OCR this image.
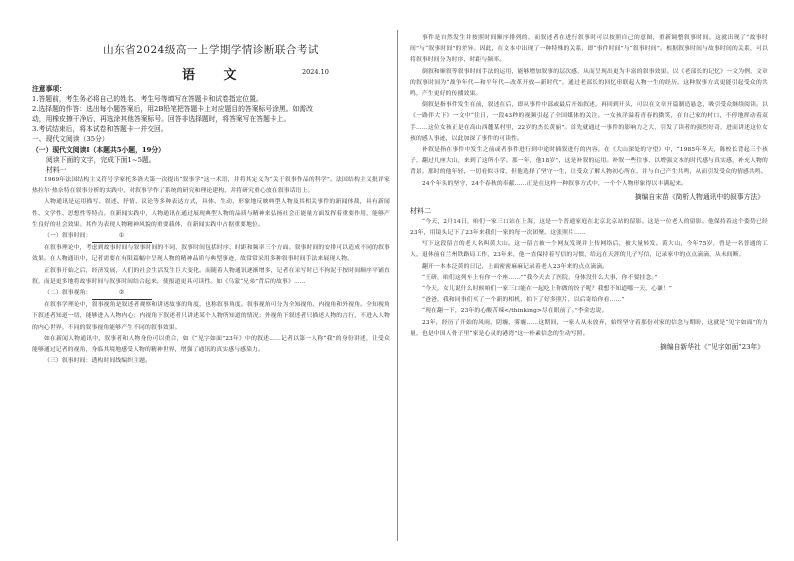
山东省2024级高一上学期学情诊断联合考试
语 文	2024.10
注意事项：
1.答题前，考生务必将自己的姓名、考生号等填写在答题卡和试卷指定位置。
2.选择题的作答：选出每小题答案后，用2B铅笔把答题卡上对应题目的答案标号涂黑。如需改
动，用橡皮擦干净后，再选涂其他答案标号。回答非选择题时，将答案写在答题卡上。
3.考试结束后，将本试卷和答题卡一并交回。
一、现代文阅读（35分）
（一）现代文阅读Ⅰ（本题共5小题，19分）
阅读下面的文字，完成下面1~5题。
材料一

1969年法国结构主义符号学家托多洛夫第一次提出“叙事学”这一术语，并将其定义为“关于叙事作品的科学”。法国结构主义批评家热拉尔·热奈特在叙事分析的实践中，对叙事学作了系统的研究和理论建构，并将研究重心放在叙事话语上。

人物通讯是运用描写、叙述、抒情、议论等多种表达方式，具体、生动、形象地反映典型人物及其相关事件的新闻体裁，具有新闻性、文学性、思想性等特点。在新闻实践中，人物通讯在通过展现典型人物的品质与精神来弘扬社会正能量方面发挥着重要作用，能够产生良好的社会效果。其作为表现人物精神风貌的重要载体，在新闻实践中占据重要地位。

（一）叙事时间：	①

在叙事理论中，考虑到故事时间与叙事时间的不同，叙事时间包括时序、时距和频率三个方面。叙事时间的安排可以造成不同的叙事效果。在人物通讯中，记者需要在有限篇幅中呈现人物的精神品质与典型事迹，故常常采用多种叙事时间手法来展现人物。

正叙事开始之后，经济发展，人们的社会生活发生巨大变化。而随着人物通讯逐渐增多，记者在采写时已不拘泥于按时间顺序平铺直叙，而是更多地将故事时间与叙事时间结合起来，使报道更具可读性。如《乌蒙“兄弟”背后的故事》……

（二）叙事视角：	②

在叙事学理论中，叙事视角是叙述者观察和讲述故事的角度，也称叙事角度。叙事视角可分为全知视角、内视角和外视角。全知视角下叙述者知道一切，能够进入人物内心；内视角下叙述者只讲述某个人物所知道的情况；外视角下叙述者只描述人物的言行，不进入人物的内心世界。不同的叙事视角能够产生不同的叙事效果。

如在新闻人物通讯中，叙事者和人物身份可以重合，如《“见字如面”23年》中的叙述……记者以第一人称“我”的身份讲述，让受众能够通过记者的视角，身临其境地感受人物的精神世界，增强了通讯的真实感与感染力。

（三）叙事时间：透构时间线编织主题。

事件是自然发生并按照时间顺序排列的，而叙述者在进行叙事时可以按照自己的意图，重新调整叙事时间。这就出现了“故事时间”与“叙事时间”的差异。因此，在文本中出现了一种特殊的关系，即“事件时间”与“叙事时间”。根据叙事时间与故事时间的关系，可以将叙事时间分为时序、时距与频率。

倒叙和顺叙等叙事时间手法的运用，能够增加叙事的层次感，从而呈现出更为丰富的叙事效果。以《老部长的记忆》一文为例，文章的叙事时间为“战争年代—和平年代—改革开放—新时代”，通过老部长的回忆串联起人物一生的经历，这种叙事方式更能引起受众的共鸣，产生更好的传播效果。

倒叙是指事件发生在前，叙述在后，即从事件中部或最后开始叙述，再回到开头，可以在文章开篇制造悬念，吸引受众继续阅读。以《一路伴大下》一文中“往日，一段43秒的视频引起了全国媒体的关注。一女孩洋溢着青春的微笑，在自己家的村口，不停地挥动着双手……这位女孩正是在高山西麓某村里，22岁的杰长黄丽”。首先就通过一事件的影响力之大，引发了读者的强烈好奇，进而讲述这位女孩的感人事迹，以此加深了事件的可读性。

补叙是指在事件中发生之前或者事件进行到中途时插叙进行的内容。在《大山深处的守望》中，“1985年冬天，陈校长背起三个孩子，翻过几座大山，来到了这所小学。那一年，他18岁”，这是补叙的运用。补叙一些往事，以增强文本的时代感与真实感，补充人物的背景。那时的他年轻，一切看似寻常，但他选择了坚守一生，让受众了解人物初心所在，并与自己产生共鸣，从而引发受众的情感共鸣。

24个年头的坚守，24个春秋的奉献……正是在这样一种叙事方式中，一个个人物形象得以丰满起来。

摘编自宋苗《简析人物通讯中的叙事方法》
材料二

“今天，2月14日，咱们一家三口站在上海，这是一个普通家庭在北京北京站的留影。这是一位老人的留影。他保持着这个姿势已经23年，用镜头记下了23年来我们一家的每一次团聚。这张照片……

写下这段留言的老人名叫黄大山。这一留言被一个网友发现并上传网络后，被大量转发。黄大山，今年75岁，曾是一名普通的工人，退休前在兰州铁路局工作，23年来，他一直保持着写信的习惯，给远在天涯的儿子写信，记录家中的点点滴滴，从未间断。

翻开一本本泛黄的日记，上面密密麻麻记录着老人23年来的点点滴滴。

“王研，咱们这列车上有你一个座……”“我今天去了医院，身体没什么大事，你不要挂念。”

“今天，女儿说什么时候咱们一家三口能在一起吃上你做的饺子呢？我想不知道哪一天，心谦！”

“爸爸，我和同事们买了一个新的相机，拍下了好多照片，以后寄给你看……”

“现在翻一下，23年的心酸苦辣</thinking>尽在眼前了。”李金忠说。

23年，经历了开始的风雨、阴霾、雾霾……这期间，一家人从未放弃，始终坚守着那份对家的信念与期盼，这就是“见字如面”的力量，也是中国人骨子里“家是心灵的港湾”这一朴素信念的生动写照。

摘编自新华社《“见字如面”23年》
